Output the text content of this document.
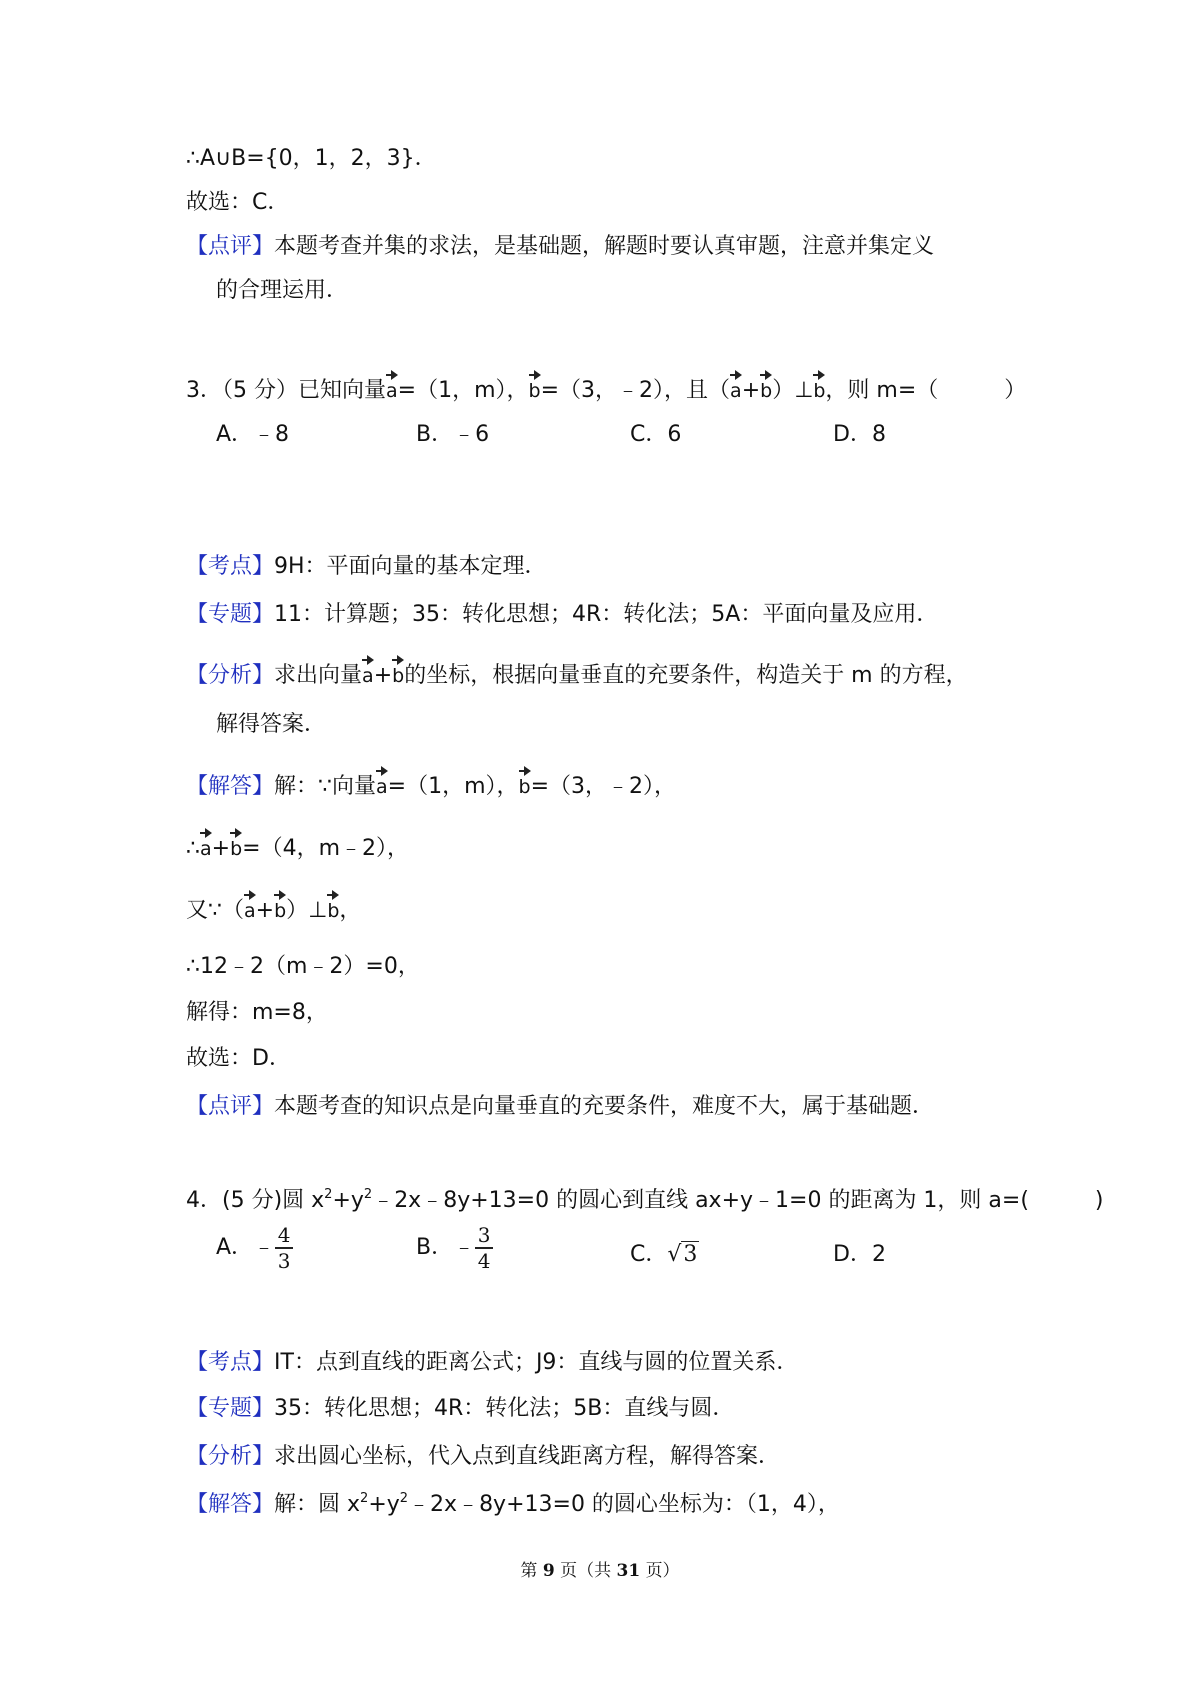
∴A∪B={0，1，2，3}．
故选：C．
【点评】本题考查并集的求法，是基础题，解题时要认真审题，注意并集定义
的合理运用．
3．（5 分）已知向量a=（1，m），b=（3，﹣2），且（a+b）⊥b，则 m=（　　　）
A．﹣8	B．﹣6	C．6	D．8
【考点】9H：平面向量的基本定理．
【专题】11：计算题；35：转化思想；4R：转化法；5A：平面向量及应用．
【分析】求出向量a+b的坐标，根据向量垂直的充要条件，构造关于 m 的方程，
解得答案．
【解答】解：∵向量a=（1，m），b=（3，﹣2），
∴a+b=（4，m﹣2），
又∵（a+b）⊥b，
∴12﹣2（m﹣2）=0，
解得：m=8，
故选：D．
【点评】本题考查的知识点是向量垂直的充要条件，难度不大，属于基础题．
4．(5 分)圆 $x^2+y^2﹣2x﹣8y+13=0$ 的圆心到直线 ax+y﹣1=0 的距离为 1，则 a=(　　　)
A．﹣ $\frac{4}{3}$	B．﹣ $\frac{3}{4}$	C．√3	D．2
【考点】IT：点到直线的距离公式；J9：直线与圆的位置关系．
【专题】35：转化思想；4R：转化法；5B：直线与圆．
【分析】求出圆心坐标，代入点到直线距离方程，解得答案．
【解答】解：圆 $x^2+y^2﹣2x﹣8y+13=0$ 的圆心坐标为：（1，4），
第 9 页（共 31 页）
